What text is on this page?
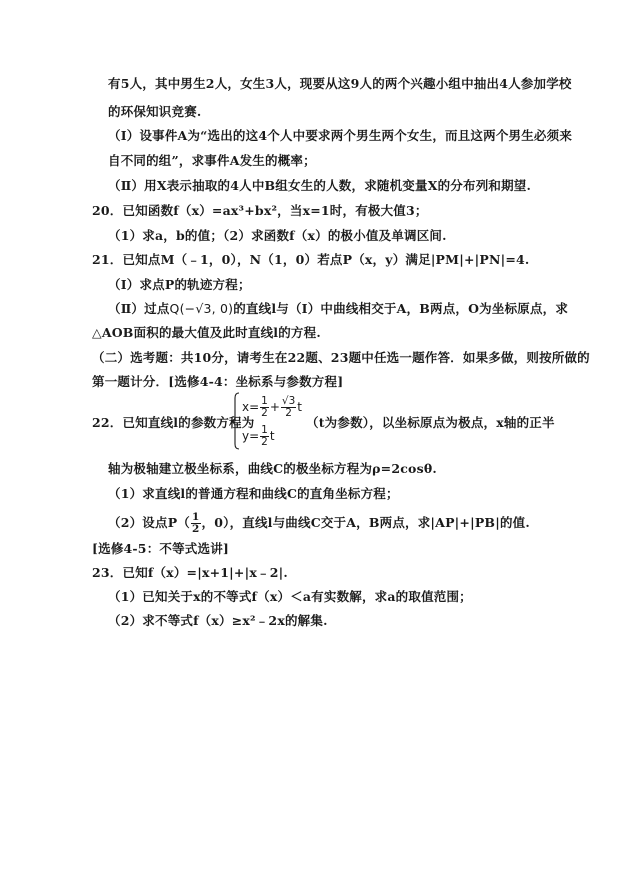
有5人，其中男生2人，女生3人，现要从这9人的两个兴趣小组中抽出4人参加学校
的环保知识竞赛.
（Ⅰ）设事件A为“选出的这4个人中要求两个男生两个女生，而且这两个男生必须来
自不同的组”，求事件A发生的概率；
（Ⅱ）用X表示抽取的4人中B组女生的人数，求随机变量X的分布列和期望.
20．已知函数f（x）=ax³+bx²，当x=1时，有极大值3；
（1）求a，b的值；（2）求函数f（x）的极小值及单调区间.
21．已知点M（﹣1，0），N（1，0）若点P（x，y）满足|PM|+|PN|=4.
（Ⅰ）求点P的轨迹方程；
（Ⅱ）过点Q(−√3, 0)的直线l与（Ⅰ）中曲线相交于A，B两点，O为坐标原点，求
△AOB面积的最大值及此时直线l的方程.
（二）选考题：共10分，请考生在22题、23题中任选一题作答．如果多做，则按所做的
第一题计分．[选修4-4：坐标系与参数方程]
22．已知直线l的参数方程为
$x= \frac{1}{2} + \frac{√3}{2}$ t
$y= \frac{1}{2}$ t
（t为参数），以坐标原点为极点，x轴的正半
轴为极轴建立极坐标系，曲线C的极坐标方程为ρ=2cosθ.
（1）求直线l的普通方程和曲线C的直角坐标方程；
（2）设点$P( \frac{1}{2}$ ，0），直线l与曲线C交于A，B两点，求|AP|+|PB|的值.
[选修4-5：不等式选讲]
23．已知f（x）=|x+1|+|x﹣2|.
（1）已知关于x的不等式f（x）＜a有实数解，求a的取值范围；
（2）求不等式f（x）≥x²﹣2x的解集.
